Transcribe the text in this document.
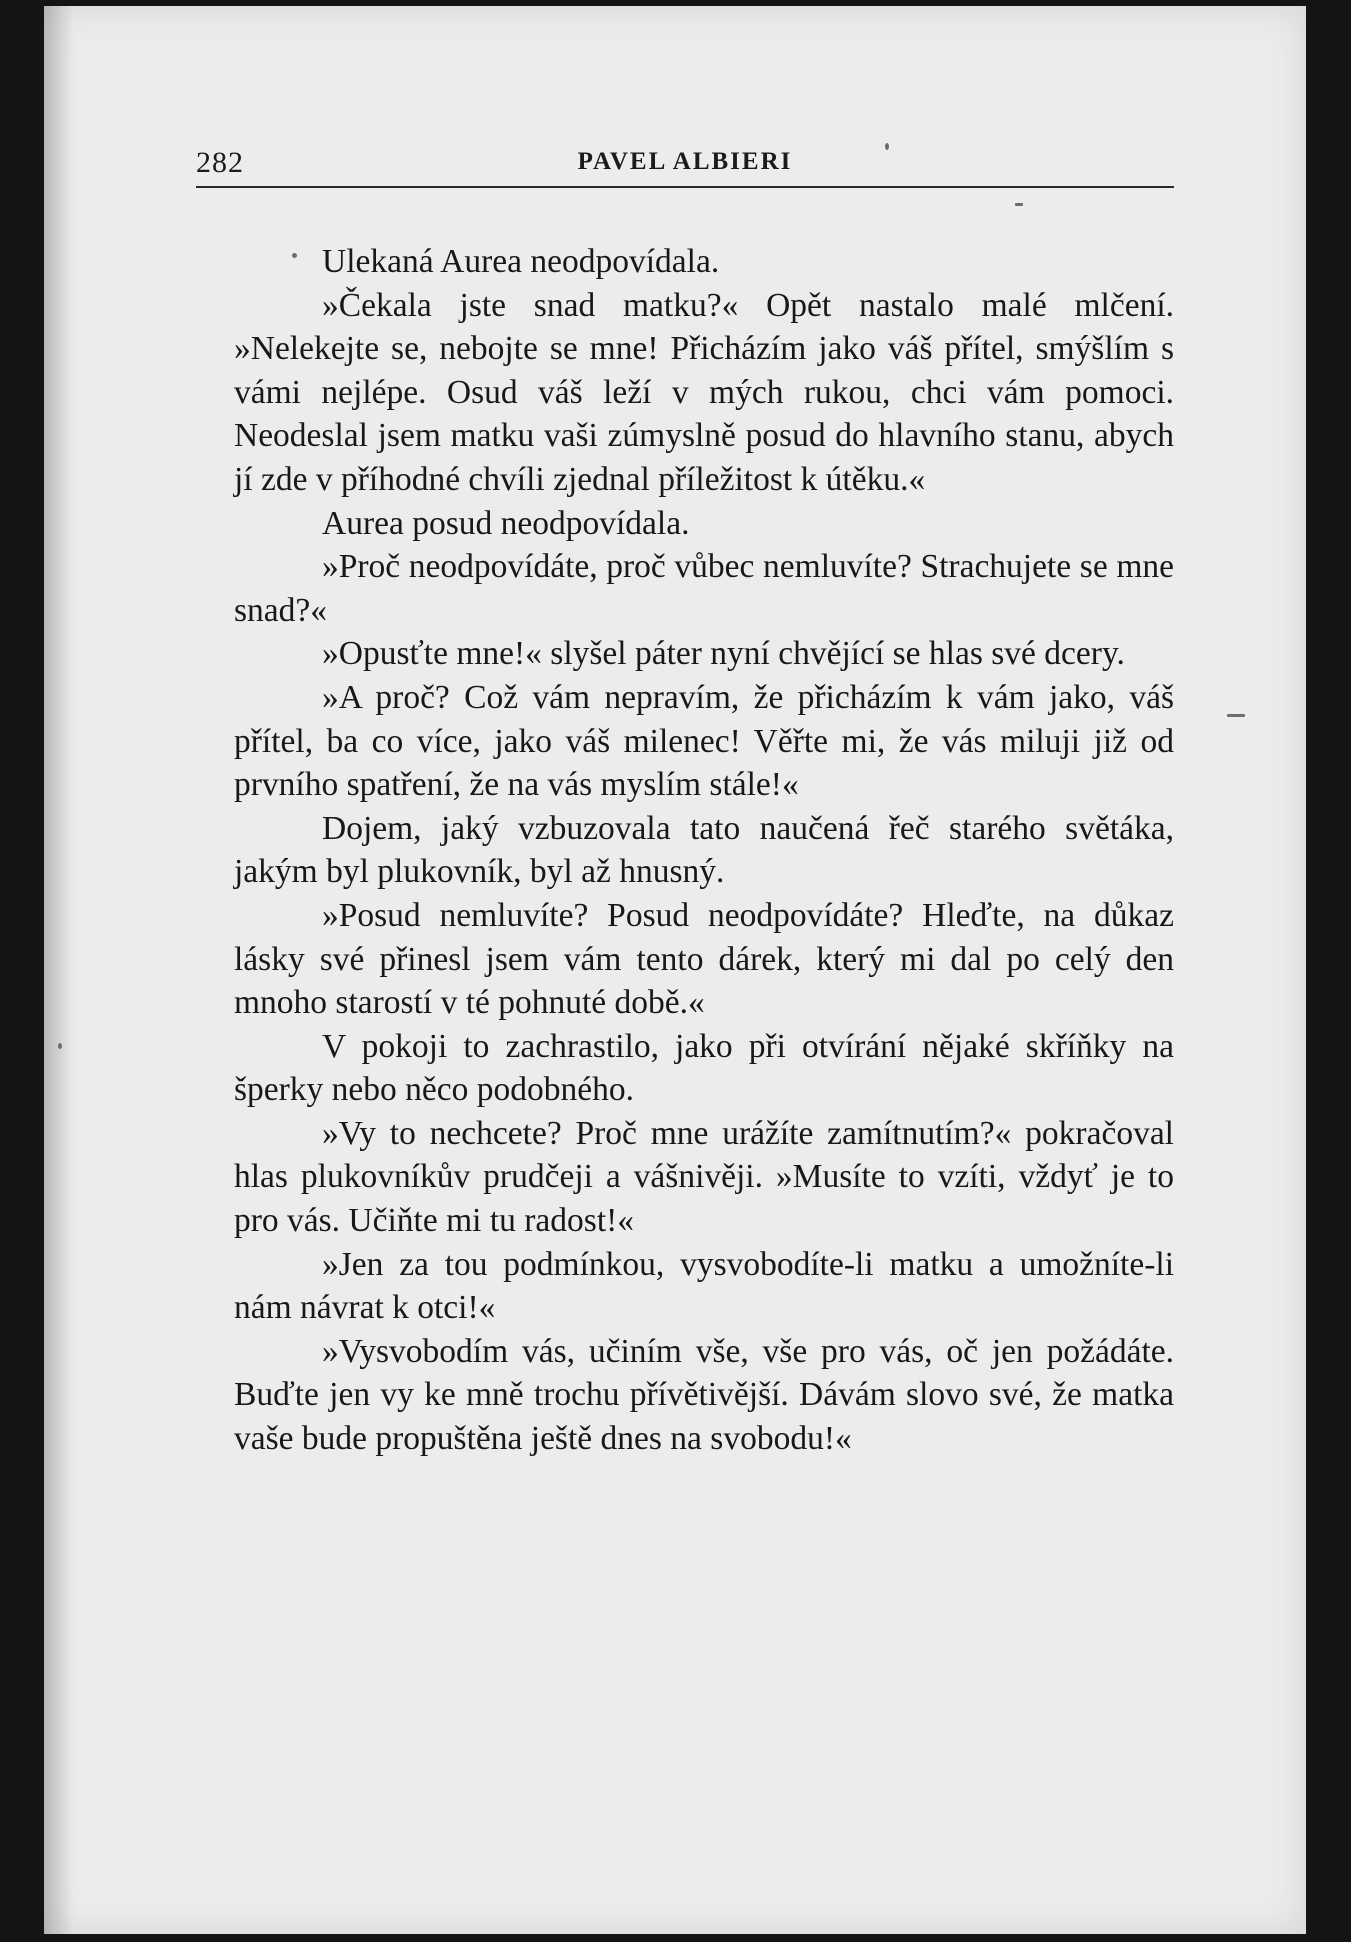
282	PAVEL ALBIERI

Ulekaná Aurea neodpovídala.

»Čekala jste snad matku?« Opět nastalo malé mlčení. »Nelekejte se, nebojte se mne! Přicházím jako váš přítel, smýšlím s vámi nejlépe. Osud váš leží v mých rukou, chci vám pomoci. Neodeslal jsem matku vaši zúmyslně posud do hlavního stanu, abych jí zde v příhodné chvíli zjednal příležitost k útěku.«

Aurea posud neodpovídala.

»Proč neodpovídáte, proč vůbec nemluvíte? Strachujete se mne snad?«

»Opusťte mne!« slyšel páter nyní chvějící se hlas své dcery.

»A proč? Což vám nepravím, že přicházím k vám jako, váš přítel, ba co více, jako váš milenec! Věřte mi, že vás miluji již od prvního spatření, že na vás myslím stále!«

Dojem, jaký vzbuzovala tato naučená řeč starého světáka, jakým byl plukovník, byl až hnusný.

»Posud nemluvíte? Posud neodpovídáte? Hleďte, na důkaz lásky své přinesl jsem vám tento dárek, který mi dal po celý den mnoho starostí v té pohnuté době.«

V pokoji to zachrastilo, jako při otvírání nějaké skříňky na šperky nebo něco podobného.

»Vy to nechcete? Proč mne urážíte zamítnutím?« pokračoval hlas plukovníkův prudčeji a vášnivěji. »Musíte to vzíti, vždyť je to pro vás. Učiňte mi tu radost!«

»Jen za tou podmínkou, vysvobodíte-li matku a umožníte-li nám návrat k otci!«

»Vysvobodím vás, učiním vše, vše pro vás, oč jen požádáte. Buďte jen vy ke mně trochu přívětivější. Dávám slovo své, že matka vaše bude propuštěna ještě dnes na svobodu!«
